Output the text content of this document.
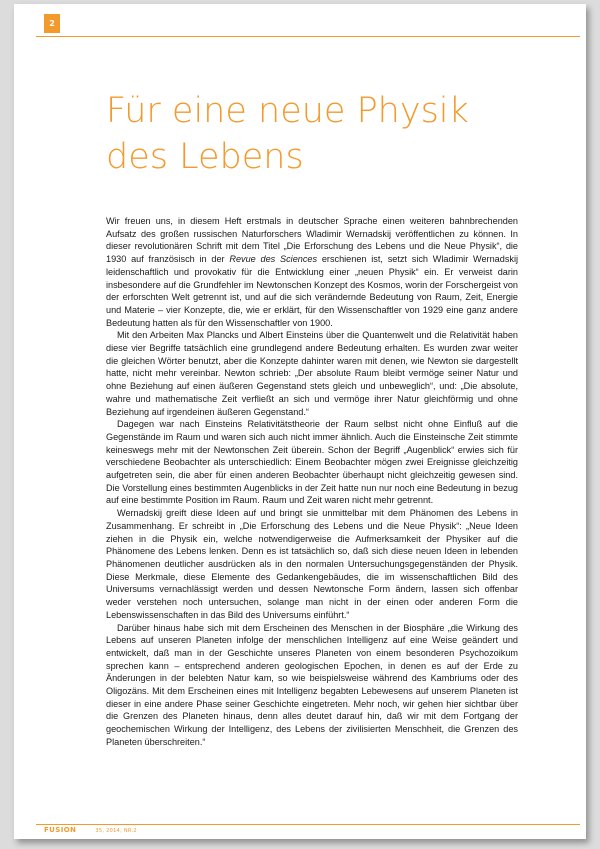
2
Für eine neue Physik
des Lebens

Wir freuen uns, in diesem Heft erstmals in deutscher Sprache einen weiteren bahnbrechenden Aufsatz des großen russischen Naturforschers Wladimir Wernadskij veröffentlichen zu können. In dieser revolutionären Schrift mit dem Titel „Die Erforschung des Lebens und die Neue Physik“, die 1930 auf französisch in der Revue des Sciences erschienen ist, setzt sich Wladimir Wernadskij leidenschaftlich und provokativ für die Entwicklung einer „neuen Physik“ ein. Er verweist darin insbesondere auf die Grundfehler im Newtonschen Konzept des Kosmos, worin der Forschergeist von der erforschten Welt getrennt ist, und auf die sich verändernde Bedeutung von Raum, Zeit, Energie und Materie – vier Konzepte, die, wie er erklärt, für den Wissenschaftler von 1929 eine ganz andere Bedeutung hatten als für den Wissenschaftler von 1900.

Mit den Arbeiten Max Plancks und Albert Einsteins über die Quantenwelt und die Relativität haben diese vier Begriffe tatsächlich eine grundlegend andere Bedeutung erhalten. Es wurden zwar weiter die gleichen Wörter benutzt, aber die Konzepte dahinter waren mit denen, wie Newton sie dargestellt hatte, nicht mehr vereinbar. Newton schrieb: „Der absolute Raum bleibt vermöge seiner Natur und ohne Beziehung auf einen äußeren Gegenstand stets gleich und unbeweglich“, und: „Die absolute, wahre und mathematische Zeit verfließt an sich und vermöge ihrer Natur gleichförmig und ohne Beziehung auf irgendeinen äußeren Gegenstand.“

Dagegen war nach Einsteins Relativitätstheorie der Raum selbst nicht ohne Einfluß auf die Gegenstände im Raum und waren sich auch nicht immer ähnlich. Auch die Einsteinsche Zeit stimmte keineswegs mehr mit der Newtonschen Zeit überein. Schon der Begriff „Augenblick“ erwies sich für verschiedene Beobachter als unterschiedlich: Einem Beobachter mögen zwei Ereignisse gleichzeitig aufgetreten sein, die aber für einen anderen Beobachter überhaupt nicht gleichzeitig gewesen sind. Die Vorstellung eines bestimmten Augenblicks in der Zeit hatte nun nur noch eine Bedeutung in bezug auf eine bestimmte Position im Raum. Raum und Zeit waren nicht mehr getrennt.

Wernadskij greift diese Ideen auf und bringt sie unmittelbar mit dem Phänomen des Lebens in Zusammenhang. Er schreibt in „Die Erforschung des Lebens und die Neue Physik“: „Neue Ideen ziehen in die Physik ein, welche notwendigerweise die Aufmerksamkeit der Physiker auf die Phänomene des Lebens lenken. Denn es ist tatsächlich so, daß sich diese neuen Ideen in lebenden Phänomenen deutlicher ausdrücken als in den normalen Untersuchungsgegenständen der Physik. Diese Merkmale, diese Elemente des Gedankengebäudes, die im wissenschaftlichen Bild des Universums vernachlässigt werden und dessen Newtonsche Form ändern, lassen sich offenbar weder verstehen noch untersuchen, solange man nicht in der einen oder anderen Form die Lebenswissenschaften in das Bild des Universums einführt.“

Darüber hinaus habe sich mit dem Erscheinen des Menschen in der Biosphäre „die Wirkung des Lebens auf unseren Planeten infolge der menschlichen Intelligenz auf eine Weise geändert und entwickelt, daß man in der Geschichte unseres Planeten von einem besonderen Psychozoikum sprechen kann – entsprechend anderen geologischen Epochen, in denen es auf der Erde zu Änderungen in der belebten Natur kam, so wie beispielsweise während des Kambriums oder des Oligozäns. Mit dem Erscheinen eines mit Intelligenz begabten Lebewesens auf unserem Planeten ist dieser in eine andere Phase seiner Geschichte eingetreten. Mehr noch, wir gehen hier sichtbar über die Grenzen des Planeten hinaus, denn alles deutet darauf hin, daß wir mit dem Fortgang der geochemischen Wirkung der Intelligenz, des Lebens der zivilisierten Menschheit, die Grenzen des Planeten überschreiten.“

FUSION	35, 2014, NR.2
